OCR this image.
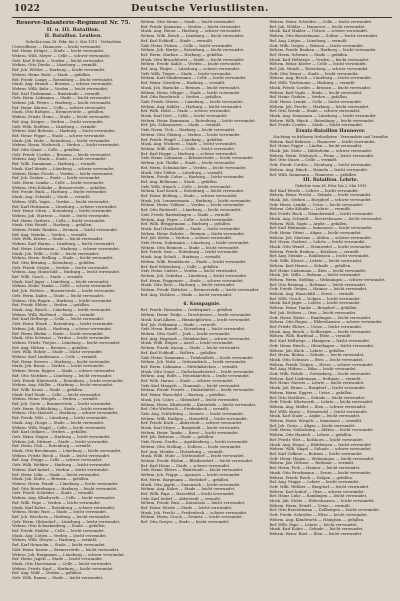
1022	Deutsche Verlustlisten.
Reserve-Infanterie-Regiment Nr. 75.
II. u. III. Bataillon.
II. Bataillon. Leuthen.
Gefechte vom 28. Febr. bis 2. Mai 1915 · Verlustliste
Unteroffizier — Hannover — leicht verwundet.
Ref. Heinr. Krüger — Stade — leicht verwundet.
Wehrm. Wilh. Meyer — Celle — schwer verwundet.
Gefr. Karl Schulz — Verden — leicht verwundet.
Wehrm. Otto Dierks — Lüneburg — vermißt.
Ref. Joh. Wöhler — Harburg — leicht verwundet.
Wehrm. Heinr. Bode — Stade — gefallen.
Ref. Friedr. Lange — Rotenburg — leicht verwundet.
Musk. Aug. Brandt — Bremen — schwer verwundet.
Wehrm. Wilh. Bahr — Verden — leicht verwundet.
Ref. Karl Tiedemann — Buxtehude — vermißt.
Gefr. Herm. Lühmann — Stade — leicht verwundet.
Wehrm. Joh. Peters — Harburg — leicht verwundet.
Ref. Heinr. Ahrens — Celle — schwer verwundet.
Musk. Otto Rathjen — Bremervörde — gefallen.
Wehrm. Friedr. Heins — Stade — leicht verwundet.
Ref. Aug. Kröger — Verden — leicht verwundet.
Gefr. Wilh. Steffens — Lüneburg — vermißt.
Wehrm. Karl Behrens — Harburg — leicht verwundet.
Ref. Heinr. Poppe — Stade — schwer verwundet.
Musk. Joh. Mohr — Rotenburg — leicht verwundet.
Wehrm. Herm. Wiebusch — Verden — leicht verwundet.
Ref. Otto Quast — Celle — gefallen.
Gefr. Friedr. Cordes — Bremen — leicht verwundet.
Wehrm. Aug. Hinck — Stade — leicht verwundet.
Ref. Wilh. Dammann — Harburg — vermißt.
Musk. Karl Wrede — Lüneburg — schwer verwundet.
Wehrm. Heinr. Precht — Verden — leicht verwundet.
Ref. Joh. Gerken — Stade — leicht verwundet.
Gefr. Herm. Lemke — Celle — leicht verwundet.
Wehrm. Otto Köhnke — Bremervörde — gefallen.
Ref. Friedr. Buck — Harburg — leicht verwundet.
Musk. Aug. Schmidt — Stade — vermißt.
Wehrm. Wilh. Vagts — Verden — leicht verwundet.
Ref. Karl Heitmann — Lüneburg — schwer verwundet.
Gefr. Heinr. Otten — Rotenburg — leicht verwundet.
Wehrm. Joh. Martens — Stade — leicht verwundet.
Ref. Herm. Garbers — Celle — leicht verwundet.
Musk. Otto Wendt — Harburg — gefallen.
Wehrm. Friedr. Renken — Bremen — leicht verwundet.
Ref. Aug. Meinke — Verden — vermißt.
Gefr. Wilh. Köster — Stade — leicht verwundet.
Wehrm. Karl Harms — Lüneburg — leicht verwundet.
Ref. Heinr. Lüdemann — Harburg — schwer verwundet.
Musk. Joh. Wille — Celle — leicht verwundet.
Wehrm. Herm. Stelling — Stade — leicht verwundet.
Ref. Otto Brüning — Rotenburg — gefallen.
Gefr. Friedr. Oetjen — Verden — leicht verwundet.
Wehrm. Aug. Hauschild — Harburg — leicht verwundet.
Ref. Wilh. Gosch — Stade — vermißt.
Musk. Karl Jäger — Lüneburg — leicht verwundet.
Wehrm. Heinr. Tamke — Celle — schwer verwundet.
Ref. Joh. Wolters — Bremervörde — leicht verwundet.
Gefr. Herm. Kahrs — Stade — leicht verwundet.
Wehrm. Otto Rugen — Harburg — leicht verwundet.
Ref. Friedr. Ehlers — Verden — gefallen.
Musk. Aug. Busch — Lüneburg — leicht verwundet.
Wehrm. Wilh. Burfeind — Stade — vermißt.
Ref. Karl Hellwege — Celle — leicht verwundet.
Gefr. Heinr. Rüsch — Rotenburg — leicht verwundet.
Wehrm. Joh. Kück — Harburg — schwer verwundet.
Ref. Herm. Blohm — Stade — leicht verwundet.
Musk. Otto Schwarz — Verden — leicht verwundet.
Wehrm. Friedr. Tietjen — Lüneburg — leicht verwundet.
Ref. Aug. Hülsen — Bremen — gefallen.
Gefr. Wilh. Rohde — Stade — leicht verwundet.
Wehrm. Karl Lindemann — Celle — vermißt.
Ref. Heinr. Sievers — Harburg — leicht verwundet.
Musk. Joh. Bruns — Verden — leicht verwundet.
Wehrm. Herm. Eggers — Stade — schwer verwundet.
Ref. Otto Matthies — Lüneburg — leicht verwundet.
Gefr. Friedr. Klintworth — Rotenburg — leicht verwundet.
Wehrm. Aug. Müller — Harburg — leicht verwundet.
Ref. Wilh. Kruse — Stade — gefallen.
Musk. Karl Stade — Celle — leicht verwundet.
Wehrm. Heinr. Wiegels — Verden — vermißt.
Ref. Joh. Grote — Bremervörde — leicht verwundet.
Gefr. Herm. Schlichting — Stade — leicht verwundet.
Wehrm. Otto Hastedt — Harburg — schwer verwundet.
Ref. Friedr. Witt — Lüneburg — leicht verwundet.
Musk. Aug. Hoops — Stade — leicht verwundet.
Wehrm. Wilh. Nagel — Celle — leicht verwundet.
Ref. Karl Oelkers — Verden — gefallen.
Gefr. Heinr. Hagen — Harburg — leicht verwundet.
Wehrm. Joh. Dittmer — Stade — leicht verwundet.
Ref. Herm. Fick — Rotenburg — vermißt.
Musk. Otto Brockmann — Lüneburg — leicht verwundet.
Wehrm. Friedr. Rieck — Stade — leicht verwundet.
Ref. Aug. Prigge — Celle — schwer verwundet.
Gefr. Wilh. Wehber — Harburg — leicht verwundet.
Wehrm. Karl Indorf — Verden — leicht verwundet.
Ref. Heinr. Lühr — Stade — leicht verwundet.
Musk. Joh. Stolte — Bremen — gefallen.
Wehrm. Herm. Feindt — Lüneburg — leicht verwundet.
Ref. Otto Borstelmann — Harburg — leicht verwundet.
Gefr. Friedr. Schröder — Stade — vermißt.
Wehrm. Aug. Klindworth — Celle — leicht verwundet.
Ref. Wilh. Pape — Verden — leicht verwundet.
Musk. Karl Kohrs — Rotenburg — schwer verwundet.
Wehrm. Heinr. Rust — Stade — leicht verwundet.
Ref. Joh. Wiechern — Harburg — leicht verwundet.
Gefr. Herm. Ohlendorf — Lüneburg — leicht verwundet.
Wehrm. Otto Schnakenberg — Stade — gefallen.
Ref. Friedr. Mahler — Celle — leicht verwundet.
Musk. Aug. Lütjen — Verden — leicht verwundet.
Wehrm. Wilh. Dreyer — Harburg — vermißt.
Ref. Karl Heinsohn — Stade — leicht verwundet.
Gefr. Heinr. Kaiser — Bremervörde — leicht verwundet.
Wehrm. Joh. Bargmann — Lüneburg — schwer verwundet.
Ref. Herm. Jagels — Stade — leicht verwundet.
Musk. Otto Horstmann — Celle — leicht verwundet.
Wehrm. Friedr. Kopf — Harburg — leicht verwundet.
Ref. Aug. Wulf — Verden — gefallen.
Gefr. Wilh. Ramm — Stade — leicht verwundet.
Wehrm. Otto Siems — Stade — leicht verwundet.
Ref. Friedr. Kaemena — Verden — leicht verwundet.
Musk. Aug. Heuer — Harburg — schwer verwundet.
Wehrm. Wilh. Bösch — Lüneburg — leicht verwundet.
Ref. Karl Eckhoff — Stade — vermißt.
Gefr. Heinr. Ficken — Celle — leicht verwundet.
Wehrm. Joh. Hartje — Rotenburg — leicht verwundet.
Ref. Herm. Murken — Harburg — gefallen.
Musk. Otto Brunckhorst — Stade — leicht verwundet.
Wehrm. Friedr. Kahle — Verden — leicht verwundet.
Ref. Aug. Pünjer — Lüneburg — schwer verwundet.
Gefr. Wilh. Tönjes — Stade — leicht verwundet.
Wehrm. Karl Mindermann — Celle — leicht verwundet.
Ref. Heinr. Gieschen — Harburg — vermißt.
Musk. Joh. Warncke — Bremen — leicht verwundet.
Wehrm. Herm. Mügge — Stade — leicht verwundet.
Ref. Otto Rosebrock — Verden — gefallen.
Gefr. Friedr. Stüven — Lüneburg — leicht verwundet.
Wehrm. Aug. Kähler — Harburg — leicht verwundet.
Ref. Wilh. Holst — Stade — schwer verwundet.
Musk. Karl Oest — Celle — leicht verwundet.
Wehrm. Heinr. Bammann — Rotenburg — leicht verwundet.
Ref. Joh. Schmonsees — Stade — vermißt.
Gefr. Herm. Vick — Harburg — leicht verwundet.
Wehrm. Otto Glüsing — Verden — leicht verwundet.
Ref. Friedr. Pingel — Lüneburg — gefallen.
Musk. Aug. Wichern — Stade — leicht verwundet.
Wehrm. Wilh. Allers — Celle — leicht verwundet.
Ref. Karl Hoppe — Harburg — schwer verwundet.
Gefr. Heinr. Lohmann — Bremervörde — leicht verwundet.
Wehrm. Joh. Thölke — Stade — leicht verwundet.
Ref. Herm. Schumacher — Verden — leicht verwundet.
Musk. Otto Tödter — Lüneburg — vermißt.
Wehrm. Friedr. Cohrs — Harburg — leicht verwundet.
Ref. Aug. Bellmann — Stade — gefallen.
Gefr. Wilh. Hinsch — Celle — leicht verwundet.
Wehrm. Karl Kruck — Rotenburg — leicht verwundet.
Ref. Heinr. Böhling — Stade — schwer verwundet.
Musk. Joh. Lemmermann — Harburg — leicht verwundet.
Wehrm. Herm. Vollmer — Verden — leicht verwundet.
Ref. Otto Riebesell — Lüneburg — leicht verwundet.
Gefr. Friedr. Bardenhagen — Stade — vermißt.
Wehrm. Aug. Peper — Celle — leicht verwundet.
Ref. Wilh. Brüggemann — Harburg — gefallen.
Musk. Karl Hauschildt — Stade — leicht verwundet.
Wehrm. Heinr. Rehder — Bremen — leicht verwundet.
Ref. Joh. Kiehn — Verden — schwer verwundet.
Gefr. Herm. Dohrmann — Lüneburg — leicht verwundet.
Wehrm. Otto Reimers — Stade — leicht verwundet.
Ref. Friedr. Sass — Rotenburg — leicht verwundet.
Musk. Aug. Schult — Harburg — vermißt.
Wehrm. Wilh. Brunkhorst — Stade — leicht verwundet.
Ref. Karl Wittenberg — Celle — gefallen.
Gefr. Heinr. Lüders — Verden — leicht verwundet.
Wehrm. Joh. Gehrdau — Lüneburg — leicht verwundet.
Ref. Herm. Poggensee — Stade — schwer verwundet.
Musk. Otto Rose — Harburg — leicht verwundet.
Wehrm. Friedr. Böttcher — Bremervörde — leicht verwundet.
Ref. Aug. Wohlers — Stade — leicht verwundet.
6. Kompagnie.
Ref. Friedr. Heinsohn — Oederquart — gefallen.
Wehrm. Heinr. Tiedje — Drochtersen — leicht verwundet.
Musk. Karl Albers — Himmelpforten — leicht verwundet.
Ref. Joh. Feldmann — Stade — vermißt.
Gefr. Herm. Brandt — Horneburg — leicht verwundet.
Wehrm. Otto Quell — Jork — leicht verwundet.
Ref. Aug. Hagenah — Steinkirchen — schwer verwundet.
Musk. Wilh. Rieper — Assel — leicht verwundet.
Wehrm. Friedr. Knoop — Stade — leicht verwundet.
Ref. Karl Eckhoff — Hollern — gefallen.
Gefr. Heinr. Dammann — Twielenfleth — leicht verwundet.
Wehrm. Joh. Holst — Grünendeich — leicht verwundet.
Ref. Herm. Lühmann — Mittelnkirchen — vermißt.
Musk. Otto Quast — Guderhandviertel — leicht verwundet.
Wehrm. Aug. Rolfs — Neuenkirchen — leicht verwundet.
Ref. Wilh. Harms — Stade — schwer verwundet.
Gefr. Karl Mangels — Hammah — leicht verwundet.
Wehrm. Friedr. Postels — Düdenbüttel — leicht verwundet.
Ref. Heinr. Hauschild — Burweg — gefallen.
Musk. Joh. Cohrs — Oldendorf — leicht verwundet.
Wehrm. Herm. Klintworth — Kutenholz — leicht verwundet.
Ref. Otto Wiebusch — Fredenbeck — vermißt.
Gefr. Aug. Schlichting — Deinste — leicht verwundet.
Wehrm. Wilh. Rathjen — Harsefeld — leicht verwundet.
Ref. Friedr. Kück — Ahlerstedt — schwer verwundet.
Musk. Karl Meyer — Bargstedt — leicht verwundet.
Wehrm. Heinr. Tamke — Brest — leicht verwundet.
Ref. Joh. Behrens — Stade — gefallen.
Gefr. Herm. Gerdts — Agathenburg — leicht verwundet.
Wehrm. Otto Stelling — Dollern — leicht verwundet.
Ref. Aug. Meinke — Horneburg — vermißt.
Musk. Wilh. Mohr — Nottensdorf — leicht verwundet.
Wehrm. Friedr. Blohm — Bliedersdorf — leicht verwundet.
Ref. Karl Heins — Stade — schwer verwundet.
Gefr. Heinr. Ehlers — Buxtehude — leicht verwundet.
Wehrm. Joh. Prigge — Apensen — leicht verwundet.
Ref. Herm. Bargmann — Beckdorf — gefallen.
Musk. Otto Jagels — Sauensiek — leicht verwundet.
Wehrm. Aug. Kahrs — Stade — leicht verwundet.
Ref. Wilh. Pape — Harsefeld — leicht verwundet.
Gefr. Karl Indorf — Ahlerstedt — vermißt.
Wehrm. Friedr. Rust — Kutenholz — leicht verwundet.
Ref. Heinr. Wrede — Stade — leicht verwundet.
Musk. Joh. Precht — Fredenbeck — schwer verwundet.
Wehrm. Herm. Gosch — Deinste — leicht verwundet.
Ref. Otto Dreyer — Stade — leicht verwundet.
Wehrm. Heinr. Schröder — Celle — leicht verwundet.
Ref. Joh. Wöhler — Hannover — leicht verwundet.
Musk. Karl Mahler — Uelzen — schwer verwundet.
Wehrm. Otto Borstelmann — Soltau — leicht verwundet.
Ref. Aug. Lütjen — Lüneburg — vermißt.
Gefr. Wilh. Oetjen — Winsen — leicht verwundet.
Wehrm. Friedr. Renken — Harburg — leicht verwundet.
Ref. Herm. Schwarz — Stade — gefallen.
Musk. Karl Hellwege — Verden — leicht verwundet.
Wehrm. Heinr. Köster — Celle — leicht verwundet.
Ref. Joh. Wendt — Rotenburg — schwer verwundet.
Gefr. Otto Heuer — Stade — leicht verwundet.
Wehrm. Aug. Bösch — Lüneburg — leicht verwundet.
Ref. Wilh. Tiedemann — Harburg — vermißt.
Musk. Friedr. Cordes — Bremen — leicht verwundet.
Wehrm. Karl Vagts — Stade — leicht verwundet.
Ref. Heinr. Gerken — Verden — gefallen.
Gefr. Herm. Lemke — Celle — leicht verwundet.
Wehrm. Joh. Precht — Harburg — leicht verwundet.
Ref. Otto Wrede — Stade — schwer verwundet.
Musk. Aug. Dammann — Lüneburg — leicht verwundet.
Wehrm. Wilh. Hinck — Rotenburg — leicht verwundet.
Ref. Friedr. Cordes — Stade — leicht verwundet.
Ersatz-Bataillon Hannover.
Nachtrag zu früheren Verlustlisten · Verwundete und Vermißte
Wehrm. Karl Behrens — Hannover — leicht verwundet.
Ref. Heinr. Poppe — Linden — leicht verwundet.
Musk. Joh. Mohr — Hildesheim — schwer verwundet.
Wehrm. Herm. Wiebusch — Peine — leicht verwundet.
Ref. Otto Quast — Celle — vermißt.
Gefr. Friedr. Cordes — Nienburg — leicht verwundet.
Wehrm. Aug. Hinck — Hameln — leicht verwundet.
Ref. Wilh. Dammann — Hannover — gefallen.
III. Bataillon. Lehrte.
Gefechte vom 28. Febr. bis 2. Mai 1915
Ref. Karl Wrede — Lehrte — leicht verwundet.
Wehrm. Heinr. Precht — Sehnde — leicht verwundet.
Musk. Joh. Gerken — Burgdorf — schwer verwundet.
Gefr. Herm. Lemke — Uetze — leicht verwundet.
Wehrm. Otto Köhnke — Lehrte — vermißt.
Ref. Friedr. Buck — Hämelerwald — leicht verwundet.
Musk. Aug. Schmidt — Sievershausen — leicht verwundet.
Wehrm. Wilh. Vagts — Arpke — gefallen.
Ref. Karl Heitmann — Immensen — leicht verwundet.
Gefr. Heinr. Otten — Aligse — leicht verwundet.
Wehrm. Joh. Martens — Ahlten — schwer verwundet.
Ref. Herm. Garbers — Lehrte — leicht verwundet.
Musk. Otto Wendt — Steinwedel — leicht verwundet.
Wehrm. Friedr. Renken — Kolshorn — vermißt.
Ref. Aug. Meinke — Röddensen — leicht verwundet.
Gefr. Wilh. Köster — Lehrte — leicht verwundet.
Wehrm. Karl Harms — Sehnde — gefallen.
Ref. Heinr. Lüdemann — Ilten — leicht verwundet.
Musk. Joh. Wille — Bolzum — leicht verwundet.
Wehrm. Herm. Stelling — Wehmingen — schwer verwundet.
Ref. Otto Brüning — Rethmar — leicht verwundet.
Gefr. Friedr. Oetjen — Haimar — leicht verwundet.
Wehrm. Aug. Hauschild — Evern — vermißt.
Ref. Wilh. Gosch — Dolgen — leicht verwundet.
Musk. Karl Jäger — Lehrte — leicht verwundet.
Wehrm. Heinr. Tamke — Burgdorf — gefallen.
Ref. Joh. Wolters — Otze — leicht verwundet.
Gefr. Herm. Kahrs — Ramlingen — leicht verwundet.
Wehrm. Otto Rugen — Ehlershausen — schwer verwundet.
Ref. Friedr. Ehlers — Uetze — leicht verwundet.
Musk. Aug. Busch — Dollbergen — leicht verwundet.
Wehrm. Wilh. Burfeind — Eltze — vermißt.
Ref. Karl Hellwege — Hänigsen — leicht verwundet.
Gefr. Heinr. Rüsch — Obershagen — leicht verwundet.
Wehrm. Joh. Kück — Lehrte — gefallen.
Ref. Herm. Blohm — Sehnde — leicht verwundet.
Musk. Otto Schwarz — Ilten — leicht verwundet.
Wehrm. Friedr. Tietjen — Höver — schwer verwundet.
Ref. Aug. Hülsen — Bilm — leicht verwundet.
Gefr. Wilh. Rohde — Gretenberg — leicht verwundet.
Wehrm. Karl Lindemann — Rethmar — vermißt.
Ref. Heinr. Sievers — Lehrte — leicht verwundet.
Musk. Joh. Bruns — Burgdorf — leicht verwundet.
Wehrm. Herm. Eggers — Uetze — gefallen.
Ref. Otto Matthies — Sehnde — leicht verwundet.
Gefr. Friedr. Klintworth — Lehrte — leicht verwundet.
Wehrm. Aug. Müller — Ilten — schwer verwundet.
Ref. Wilh. Kruse — Steinwedel — leicht verwundet.
Musk. Karl Stade — Arpke — leicht verwundet.
Wehrm. Heinr. Wiegels — Immensen — vermißt.
Ref. Joh. Grote — Aligse — leicht verwundet.
Gefr. Herm. Schlichting — Ahlten — leicht verwundet.
Wehrm. Otto Hastedt — Lehrte — gefallen.
Ref. Friedr. Witt — Kolshorn — leicht verwundet.
Musk. Aug. Hoops — Röddensen — leicht verwundet.
Wehrm. Wilh. Nagel — Sehnde — schwer verwundet.
Ref. Karl Oelkers — Bolzum — leicht verwundet.
Gefr. Heinr. Hagen — Wehmingen — leicht verwundet.
Wehrm. Joh. Dittmer — Rethmar — vermißt.
Ref. Herm. Fick — Haimar — leicht verwundet.
Musk. Otto Brockmann — Evern — leicht verwundet.
Wehrm. Friedr. Rieck — Dolgen — gefallen.
Ref. Aug. Prigge — Lehrte — leicht verwundet.
Gefr. Wilh. Wehber — Burgdorf — leicht verwundet.
Wehrm. Karl Indorf — Otze — schwer verwundet.
Ref. Heinr. Lühr — Ramlingen — leicht verwundet.
Musk. Joh. Stolte — Ehlershausen — leicht verwundet.
Wehrm. Herm. Feindt — Uetze — vermißt.
Ref. Otto Borstelmann — Dollbergen — leicht verwundet.
Gefr. Friedr. Schröder — Eltze — leicht verwundet.
Wehrm. Aug. Klindworth — Hänigsen — gefallen.
Ref. Wilh. Pape — Lehrte — leicht verwundet.
Musk. Karl Kohrs — Sehnde — leicht verwundet.
Wehrm. Heinr. Rust — Ilten — leicht verwundet.
